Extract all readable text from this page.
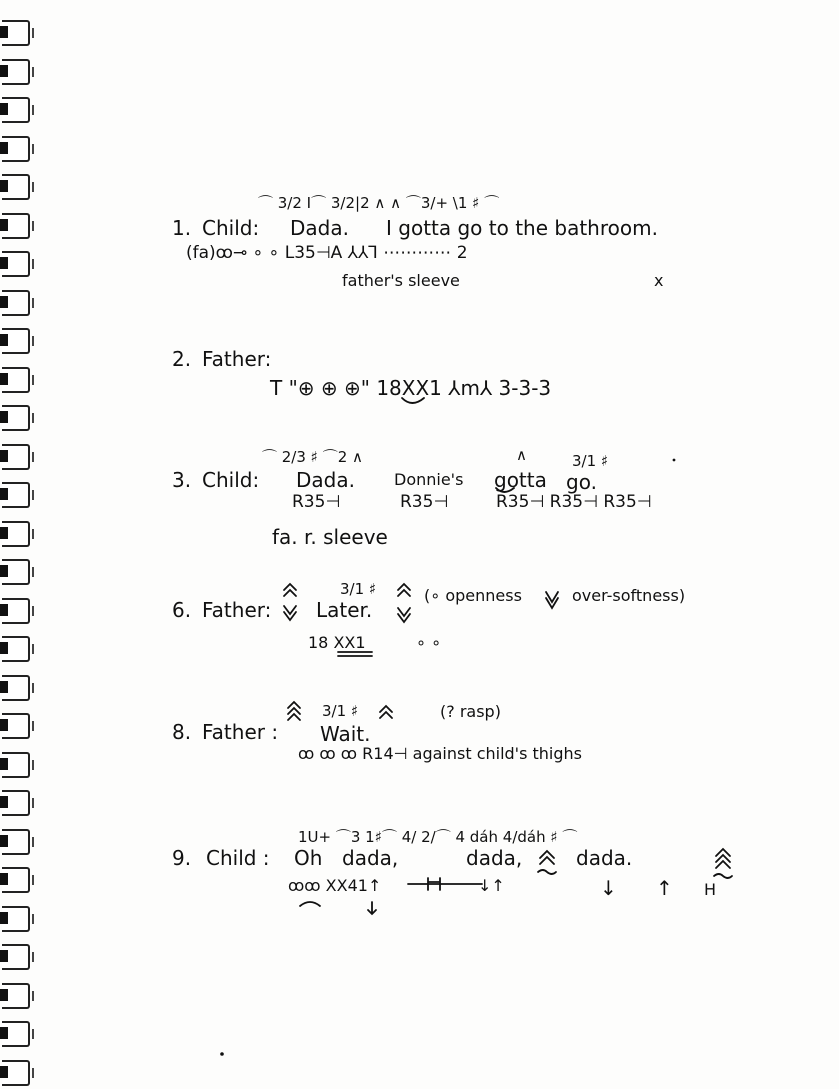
⌒ 3/2 I⌒ 3/2|2 ∧ ∧ ⌒3/+ \1 ♯ ⌒
1. Child: Dada. I gotta go to the bathroom.
(fa)ꝏ⊸ ∘ ∘ L35⊣A ⅄⅄⅂ ⋯⋯⋯⋯ 2
father's sleeve	x
2. Father:
T "⊕ ⊕ ⊕" 18XX1 ⅄m⅄ 3-3-3
⌒ 2/3 ♯ ⌒2 ∧	∧	3/1 ♯
3. Child: Dada. Donnie's gotta go.
R35⊣	R35⊣	R35⊣ R35⊣ R35⊣
fa. r. sleeve
3/1 ♯
6. Father: Later.
(∘ openness	over-softness)
18 XX1	∘ ∘
3/1 ♯	(? rasp)
8. Father : Wait.
ꝏ ꝏ ꝏ R14⊣ against child's thighs
1U+ ⌒3 1♯⌒ 4/ 2/⌒ 4 dáh 4/dáh ♯ ⌒
9. Child : Oh dada,	dada,	dada.
ꝏꝏ XX41↑	↓↑	↓ ↑ H
